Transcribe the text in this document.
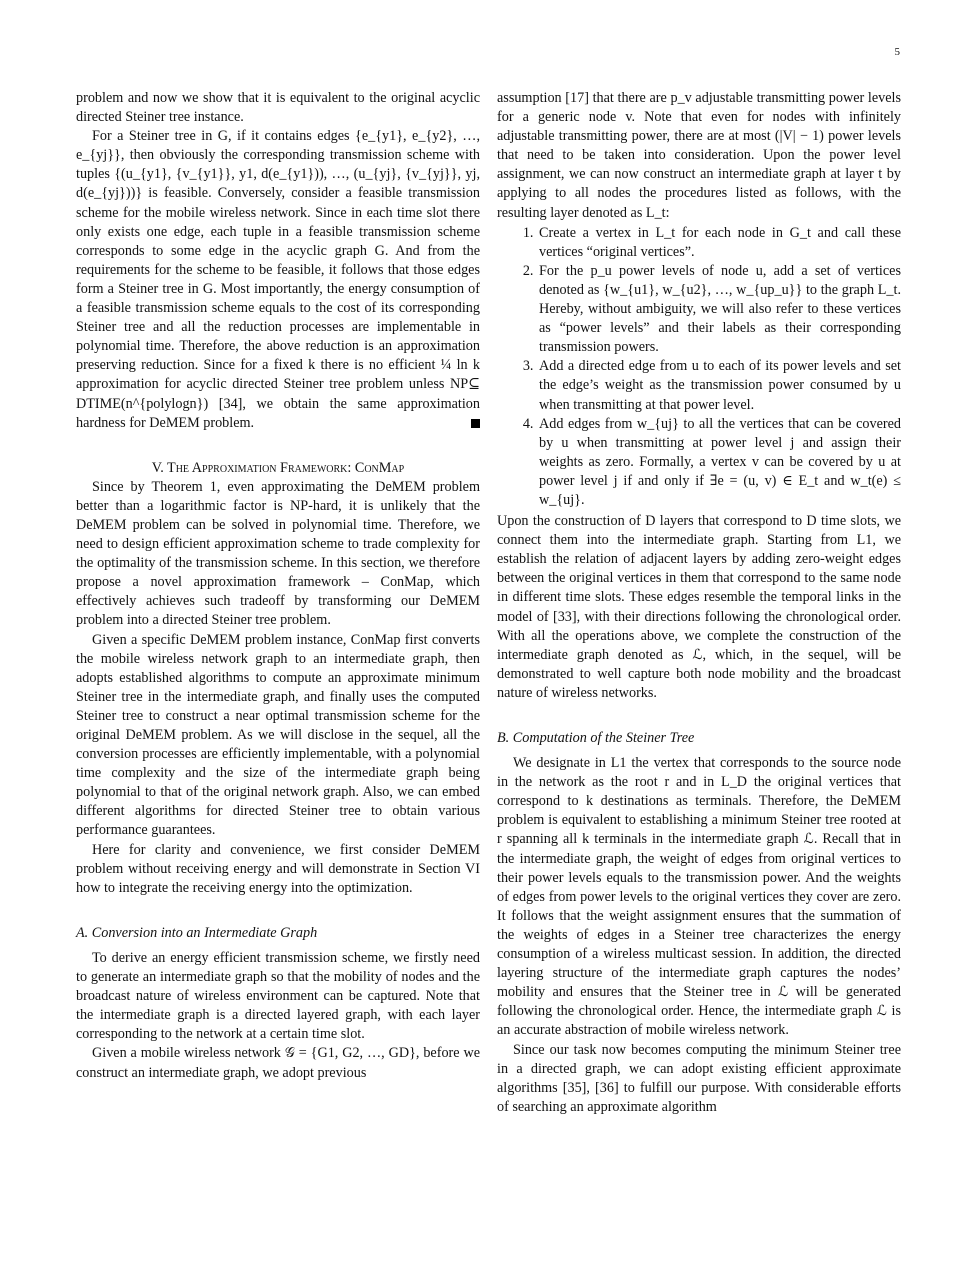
5

problem and now we show that it is equivalent to the original acyclic directed Steiner tree instance.

For a Steiner tree in G, if it contains edges {e_{y1}, e_{y2}, …, e_{yj}}, then obviously the corresponding transmission scheme with tuples {(u_{y1}, {v_{y1}}, y1, d(e_{y1})), …, (u_{yj}, {v_{yj}}, yj, d(e_{yj}))} is feasible. Conversely, consider a feasible transmission scheme for the mobile wireless network. Since in each time slot there only exists one edge, each tuple in a feasible transmission scheme corresponds to some edge in the acyclic graph G. And from the requirements for the scheme to be feasible, it follows that those edges form a Steiner tree in G. Most importantly, the energy consumption of a feasible transmission scheme equals to the cost of its corresponding Steiner tree and all the reduction processes are implementable in polynomial time. Therefore, the above reduction is an approximation preserving reduction. Since for a fixed k there is no efficient ¼ ln k approximation for acyclic directed Steiner tree problem unless NP⊆ DTIME(n^{polylogn}) [34], we obtain the same approximation hardness for DeMEM problem.

V. The Approximation Framework: ConMap

Since by Theorem 1, even approximating the DeMEM problem better than a logarithmic factor is NP-hard, it is unlikely that the DeMEM problem can be solved in polynomial time. Therefore, we need to design efficient approximation scheme to trade complexity for the optimality of the transmission scheme. In this section, we therefore propose a novel approximation framework – ConMap, which effectively achieves such tradeoff by transforming our DeMEM problem into a directed Steiner tree problem.

Given a specific DeMEM problem instance, ConMap first converts the mobile wireless network graph to an intermediate graph, then adopts established algorithms to compute an approximate minimum Steiner tree in the intermediate graph, and finally uses the computed Steiner tree to construct a near optimal transmission scheme for the original DeMEM problem. As we will disclose in the sequel, all the conversion processes are efficiently implementable, with a polynomial time complexity and the size of the intermediate graph being polynomial to that of the original network graph. Also, we can embed different algorithms for directed Steiner tree to obtain various performance guarantees.

Here for clarity and convenience, we first consider DeMEM problem without receiving energy and will demonstrate in Section VI how to integrate the receiving energy into the optimization.

A. Conversion into an Intermediate Graph

To derive an energy efficient transmission scheme, we firstly need to generate an intermediate graph so that the mobility of nodes and the broadcast nature of wireless environment can be captured. Note that the intermediate graph is a directed layered graph, with each layer corresponding to the network at a certain time slot.

Given a mobile wireless network 𝒢 = {G1, G2, …, GD}, before we construct an intermediate graph, we adopt previous

assumption [17] that there are p_v adjustable transmitting power levels for a generic node v. Note that even for nodes with infinitely adjustable transmitting power, there are at most (|V| − 1) power levels that need to be taken into consideration. Upon the power level assignment, we can now construct an intermediate graph at layer t by applying to all nodes the procedures listed as follows, with the resulting layer denoted as L_t:

1. Create a vertex in L_t for each node in G_t and call these vertices “original vertices”.
2. For the p_u power levels of node u, add a set of vertices denoted as {w_{u1}, w_{u2}, …, w_{up_u}} to the graph L_t. Hereby, without ambiguity, we will also refer to these vertices as “power levels” and their labels as their corresponding transmission powers.
3. Add a directed edge from u to each of its power levels and set the edge’s weight as the transmission power consumed by u when transmitting at that power level.
4. Add edges from w_{uj} to all the vertices that can be covered by u when transmitting at power level j and assign their weights as zero. Formally, a vertex v can be covered by u at power level j if and only if ∃e = (u, v) ∈ E_t and w_t(e) ≤ w_{uj}.

Upon the construction of D layers that correspond to D time slots, we connect them into the intermediate graph. Starting from L1, we establish the relation of adjacent layers by adding zero-weight edges between the original vertices in them that correspond to the same node in different time slots. These edges resemble the temporal links in the model of [33], with their directions following the chronological order. With all the operations above, we complete the construction of the intermediate graph denoted as ℒ, which, in the sequel, will be demonstrated to well capture both node mobility and the broadcast nature of wireless networks.

B. Computation of the Steiner Tree

We designate in L1 the vertex that corresponds to the source node in the network as the root r and in L_D the original vertices that correspond to k destinations as terminals. Therefore, the DeMEM problem is equivalent to establishing a minimum Steiner tree rooted at r spanning all k terminals in the intermediate graph ℒ. Recall that in the intermediate graph, the weight of edges from original vertices to their power levels equals to the transmission power. And the weights of edges from power levels to the original vertices they cover are zero. It follows that the weight assignment ensures that the summation of the weights of edges in a Steiner tree characterizes the energy consumption of a wireless multicast session. In addition, the directed layering structure of the intermediate graph captures the nodes’ mobility and ensures that the Steiner tree in ℒ will be generated following the chronological order. Hence, the intermediate graph ℒ is an accurate abstraction of mobile wireless network.

Since our task now becomes computing the minimum Steiner tree in a directed graph, we can adopt existing efficient approximate algorithms [35], [36] to fulfill our purpose. With considerable efforts of searching an approximate algorithm
